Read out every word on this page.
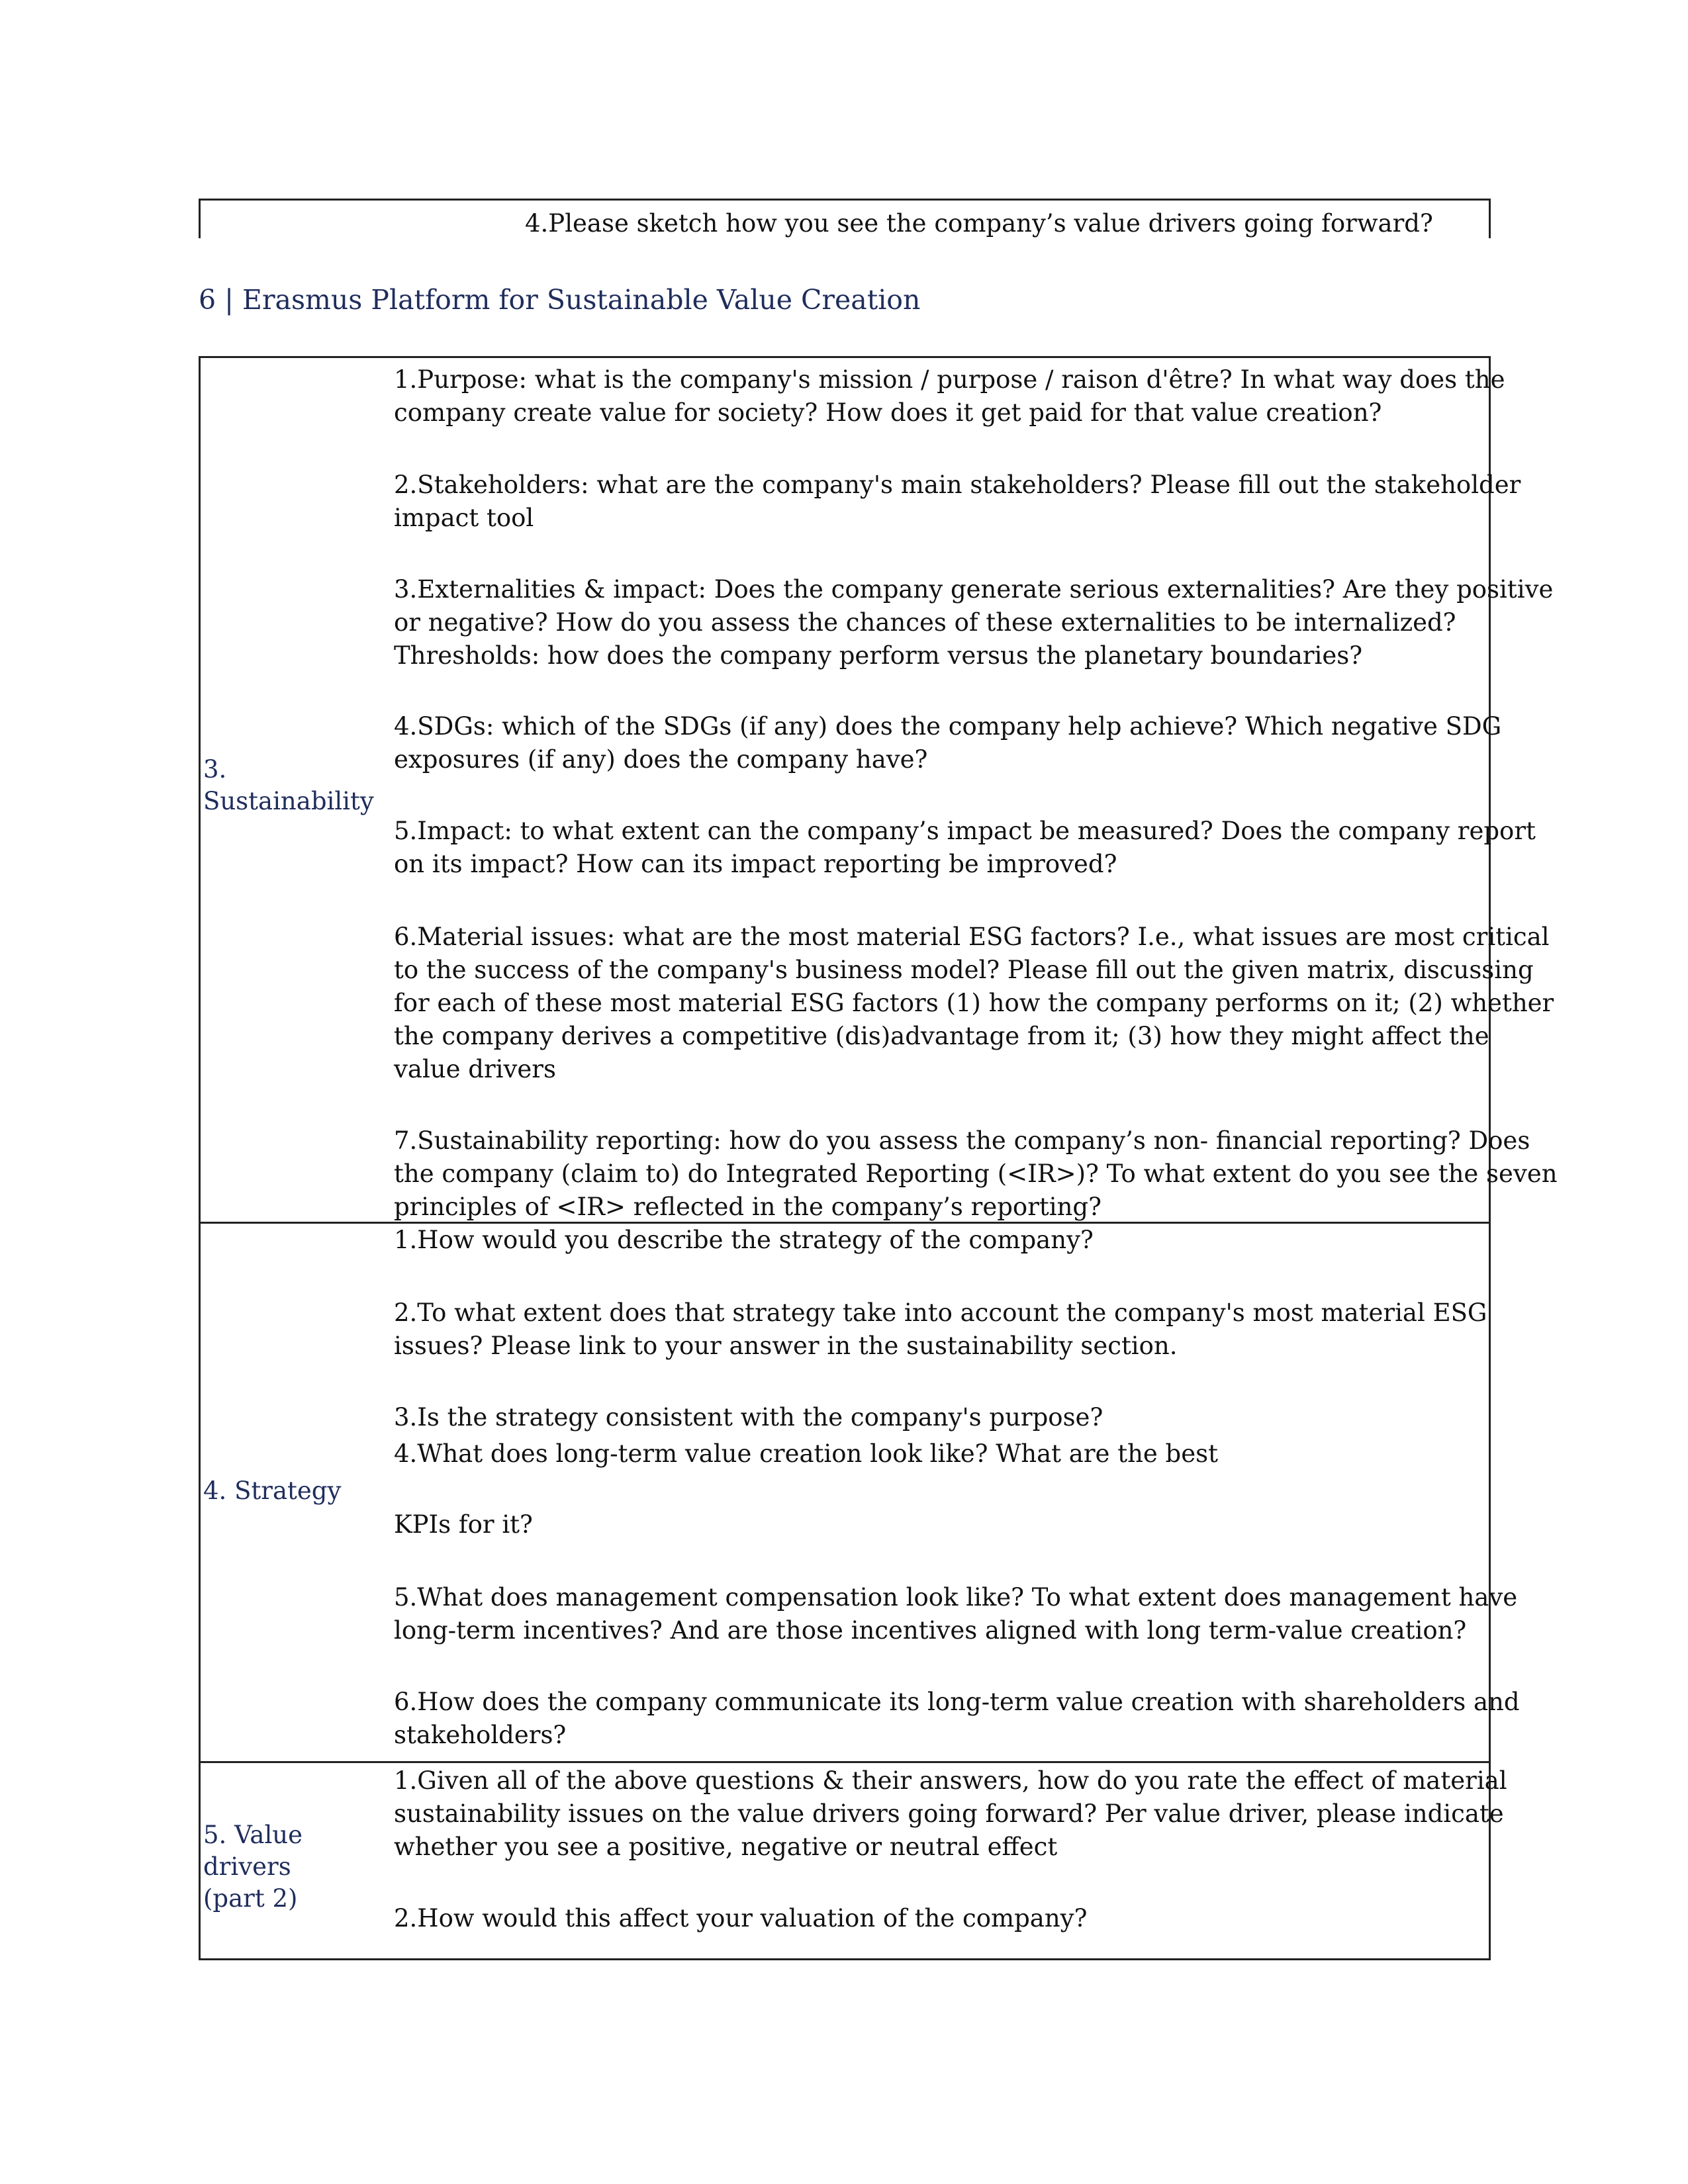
4.Please sketch how you see the company’s value drivers going forward?
6 | Erasmus Platform for Sustainable Value Creation
3.
Sustainability
1.Purpose: what is the company's mission / purpose / raison d'être? In what way does the
company create value for society? How does it get paid for that value creation?
2.Stakeholders: what are the company's main stakeholders? Please fill out the stakeholder
impact tool
3.Externalities & impact: Does the company generate serious externalities? Are they positive
or negative? How do you assess the chances of these externalities to be internalized?
Thresholds: how does the company perform versus the planetary boundaries?
4.SDGs: which of the SDGs (if any) does the company help achieve? Which negative SDG
exposures (if any) does the company have?
5.Impact: to what extent can the company’s impact be measured? Does the company report
on its impact? How can its impact reporting be improved?
6.Material issues: what are the most material ESG factors? I.e., what issues are most critical
to the success of the company's business model? Please fill out the given matrix, discussing
for each of these most material ESG factors (1) how the company performs on it; (2) whether
the company derives a competitive (dis)advantage from it; (3) how they might affect the
value drivers
7.Sustainability reporting: how do you assess the company’s non- financial reporting? Does
the company (claim to) do Integrated Reporting (<IR>)? To what extent do you see the seven
principles of <IR> reflected in the company’s reporting?
4. Strategy
1.How would you describe the strategy of the company?
2.To what extent does that strategy take into account the company's most material ESG
issues? Please link to your answer in the sustainability section.
3.Is the strategy consistent with the company's purpose?
4.What does long-term value creation look like? What are the best
KPIs for it?
5.What does management compensation look like? To what extent does management have
long-term incentives? And are those incentives aligned with long term-value creation?
6.How does the company communicate its long-term value creation with shareholders and
stakeholders?
5. Value drivers
(part 2)
1.Given all of the above questions & their answers, how do you rate the effect of material
sustainability issues on the value drivers going forward? Per value driver, please indicate
whether you see a positive, negative or neutral effect
2.How would this affect your valuation of the company?
